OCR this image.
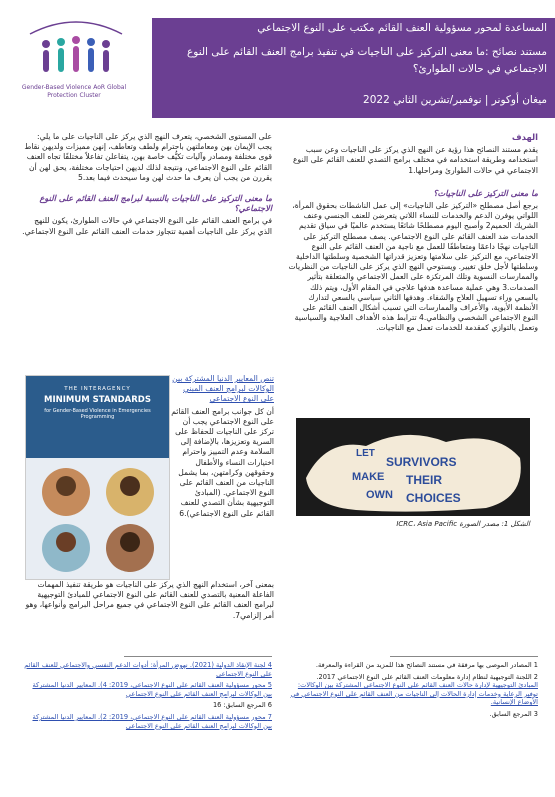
Gender-Based Violence AoR Global Protection Cluster
المساعدة لمحور مسؤولية العنف القائم مكتب على النوع الاجتماعي
مستند نصائح :ما معنى التركيز على الناجيات في تنفيذ برامج العنف القائم على النوع الاجتماعي في حالات الطوارئ؟
ميغان أوكونر | نوفمبر/تشرين الثاني 2022
الهدف
يقدم مستند النصائح هذا رؤية عن النهج الذي يركز على الناجيات وعن سبب استخدامه وطريقة استخدامه في مختلف برامج التصدي للعنف القائم على النوع الاجتماعي في حالات الطوارئ ومراحلها.1
ما معنى التركيز على الناجيات؟
برجع أصل مصطلح «التركيز على الناجيات» إلى عمل الناشطات بحقوق المرأة، اللواتي يوفرن الدعم والخدمات للنساء اللاتي يتعرضن للعنف الجنسي وعنف الشريك الحميم2 وأصبح اليوم مصطلحًا شائعًا يستخدم عالميًا في سياق تقديم الخدمات ضد العنف القائم على النوع الاجتماعي. يصف مصطلح التركيز على الناجيات نهجًا داعمًا ومتعاطفًا للعمل مع ناجية من العنف القائم على النوع الاجتماعي، مع التركيز على سلامتها وتعزيز قدراتها الشخصية وسلطتها الداخلية وسلطتها لأجل خلق تغيير. ويستوحي النهج الذي يركز على الناجيات من النظريات والممارسات النسوية وتلك المرتكزة على العمل الاجتماعي والمتعلقة بتأثير الصدمات.3 وهي عملية مساعدة هدفها علاجي في المقام الأول، ويتم ذلك بالسعي وراء تسهيل العلاج والشفاء. وهدفها الثاني سياسي بالسعي لتدارك الأنظمة الأبوية، والأعراف والممارسات التي تسبب أشكال العنف القائم على النوع الاجتماعي الشخصي والنظامي.4 تترابط هذه الأهداف العلاجية والسياسية وتعمل بالتوازي كمقدمة للخدمات تعمل مع الناجيات.
LET
SURVIVORS
MAKE THEIR
OWN CHOICES
الشكل 1: مصدر الصورة ICRC، Asia Pacific
على المستوى الشخصي، يتعرف النهج الذي يركز على الناجيات على ما يلي: يجب الإيمان بهن ومعاملتهن باحترام ولطف وتعاطف، إنهن مميزات ولديهن نقاط قوى مختلفة ومصادر وآليات تكيُّف خاصة بهن، يتفاعلن تفاعلاً مختلفًا تجاه العنف القائم على النوع الاجتماعي، ونتيجة لذلك لديهن احتياجات مختلفة، يحق لهن أن يقررن من يجب أن يعرف ما حدث لهن وما سيحدث فيما بعد.5
ما معنى التركيز على الناجيات بالنسبة لبرامج العنف القائم على النوع الاجتماعي؟
في برامج العنف القائم على النوع الاجتماعي في حالات الطوارئ، يكون للنهج الذي يركز على الناجيات أهمية تتجاوز خدمات العنف القائم على النوع الاجتماعي.
THE INTERAGENCY
MINIMUM STANDARDS
for Gender-Based Violence in Emergencies Programming
تنص المعايير الدنيا المشتركة بين الوكالات لبرامج العنف المبني على النوع الاجتماعي
أن كل جوانب برامج العنف القائم على النوع الاجتماعي يجب أن تركز على الناجيات للحفاظ على السرية وتعزيزها، بالإضافة إلى السلامة وعدم التمييز واحترام اختيارات النساء والأطفال وحقوقهن وكرامتهن، بما يشمل الناجيات من العنف القائم على النوع الاجتماعي. (المبادئ التوجيهية بشأن التصدي للعنف القائم على النوع الاجتماعي).6
بمعنى آخر، استخدام النهج الذي يركز على الناجيات هو طريقة تنفيذ المهمات الفاعلة المعنية بالتصدي للعنف القائم على النوع الاجتماعي للمبادئ التوجيهية لبرامج العنف القائم على النوع الاجتماعي في جميع مراحل البرامج وأنواعها، وهو أمر إلزامي7.
1 المصادر الموصى بها مرفقة في مستند النصائح هذا للمزيد من القراءة والمعرفة.
2 اللجنة التوجيهية لنظام إدارة معلومات العنف القائم على النوع الاجتماعي 2017.
المبادئ التوجيهية لإدارة حالات العنف القائم على النوع الاجتماعي المشتركة بين الوكالات: توفير الرعاية وخدمات إدارة الحالات إلى الناجيات من العنف القائم على النوع الاجتماعي في الأوضاع الإنسانية.
3 المرجع السابق.
4 لجنة الإنقاذ الدولية (2021). نهوض المرأة: أدوات الدعم النفسي والاجتماعي للعنف القائم على النوع الاجتماعي
5 محور مسؤولية العنف القائم على النوع الاجتماعي، 2019: 4). المعايير الدنيا المشتركة بين الوكالات لبرامج العنف القائم على النوع الاجتماعي
6 المرجع السابق: 16
7 محور مسؤولية العنف القائم على النوع الاجتماعي، 2019: 2). المعايير الدنيا المشتركة بين الوكالات لبرامج العنف القائم على النوع الاجتماعي
